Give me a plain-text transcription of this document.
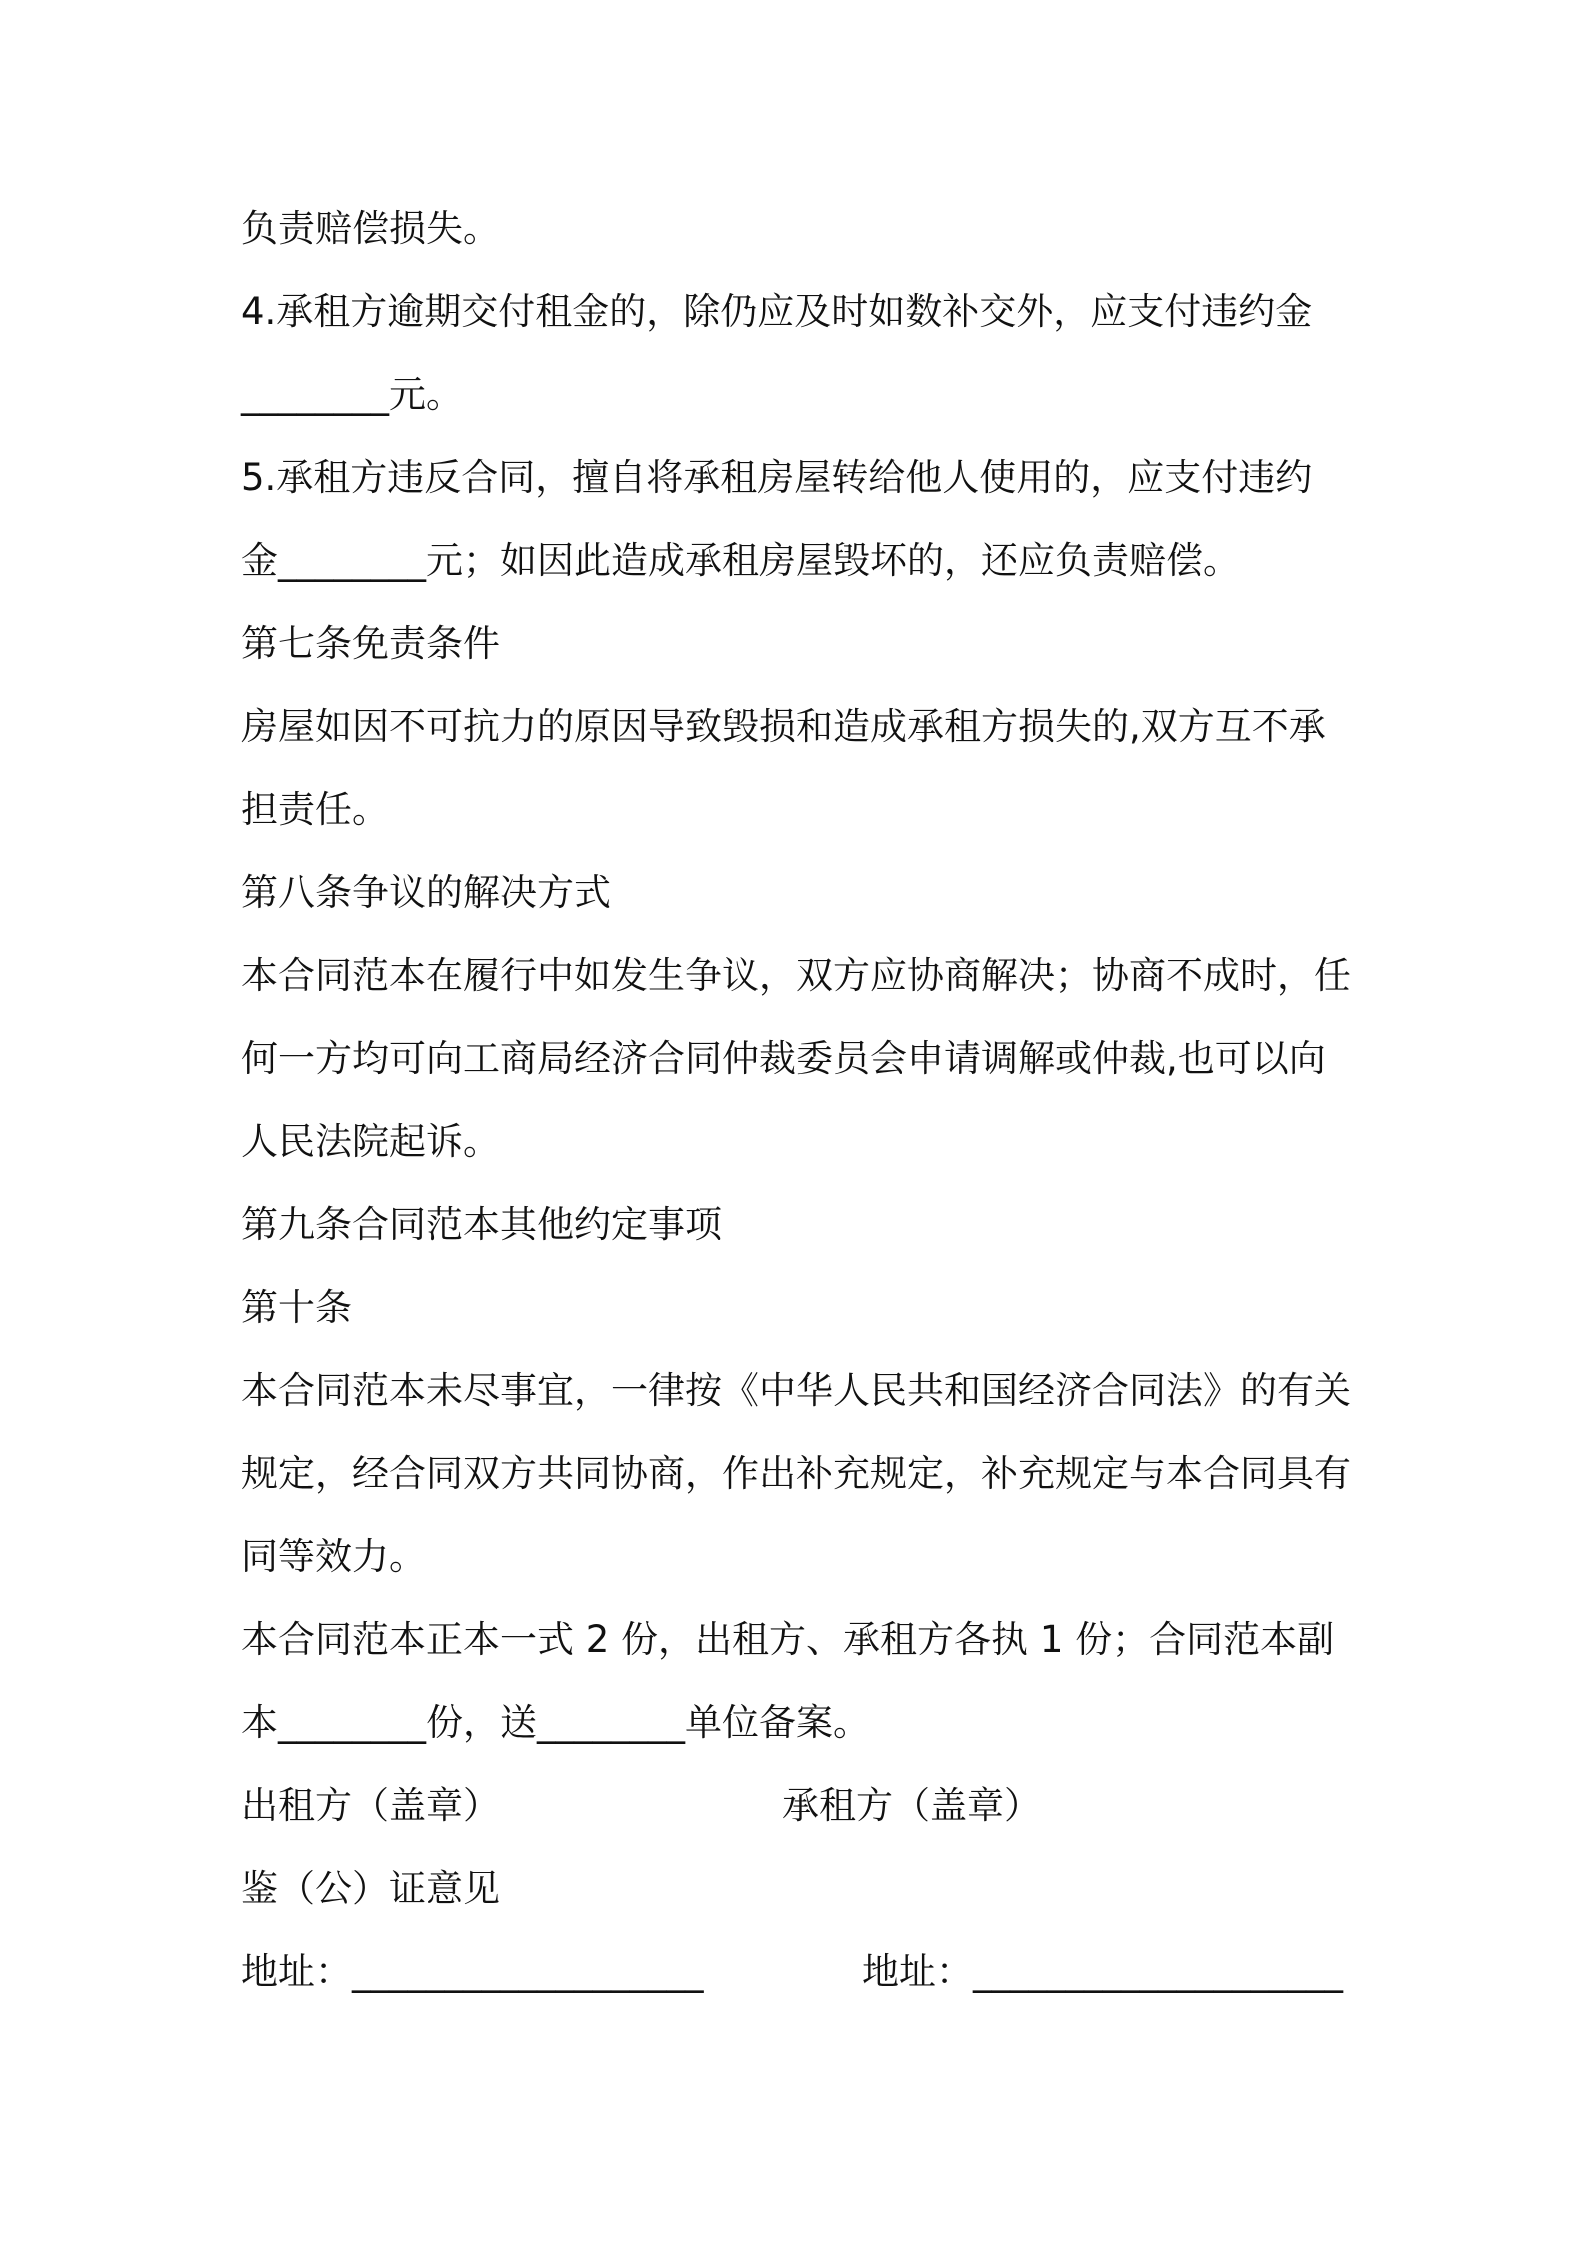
负责赔偿损失。
4.承租方逾期交付租金的，除仍应及时如数补交外，应支付违约金
________元。
5.承租方违反合同，擅自将承租房屋转给他人使用的，应支付违约
金________元；如因此造成承租房屋毁坏的，还应负责赔偿。
第七条免责条件
房屋如因不可抗力的原因导致毁损和造成承租方损失的,双方互不承
担责任。
第八条争议的解决方式
本合同范本在履行中如发生争议，双方应协商解决；协商不成时，任
何一方均可向工商局经济合同仲裁委员会申请调解或仲裁,也可以向
人民法院起诉。
第九条合同范本其他约定事项
第十条
本合同范本未尽事宜，一律按《中华人民共和国经济合同法》的有关
规定，经合同双方共同协商，作出补充规定，补充规定与本合同具有
同等效力。
本合同范本正本一式 2 份，出租方、承租方各执 1 份；合同范本副
本________份，送________单位备案。
出租方（盖章）	承租方（盖章）
鉴（公）证意见
地址：___________________	地址：____________________
